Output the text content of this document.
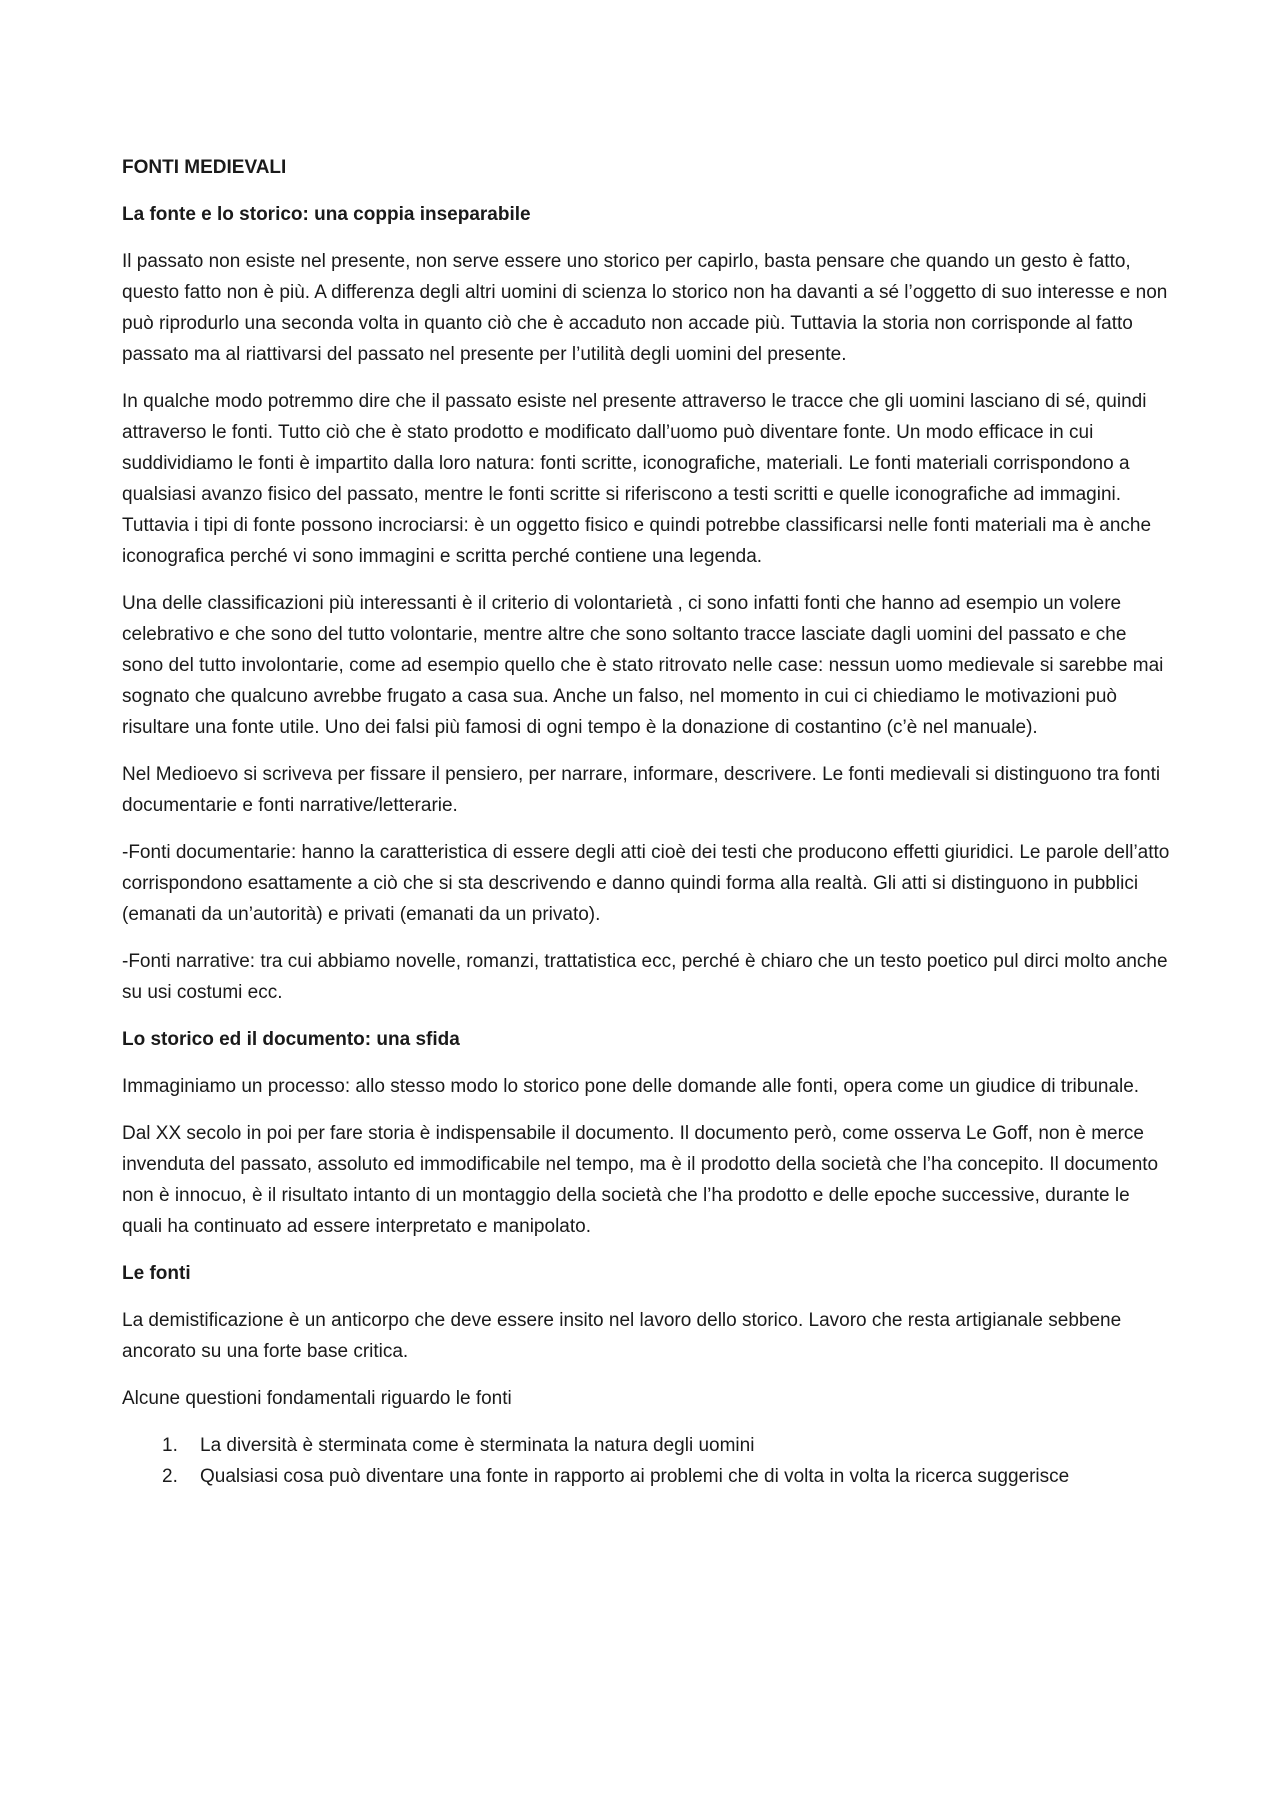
FONTI MEDIEVALI

La fonte e lo storico: una coppia inseparabile

Il passato non esiste nel presente, non serve essere uno storico per capirlo, basta pensare che quando un gesto è fatto, questo fatto non è più. A differenza degli altri uomini di scienza lo storico non ha davanti a sé l’oggetto di suo interesse e non può riprodurlo una seconda volta in quanto ciò che è accaduto non accade più. Tuttavia la storia non corrisponde al fatto passato ma al riattivarsi del passato nel presente per l’utilità degli uomini del presente.

In qualche modo potremmo dire che il passato esiste nel presente attraverso le tracce che gli uomini lasciano di sé, quindi attraverso le fonti. Tutto ciò che è stato prodotto e modificato dall’uomo può diventare fonte. Un modo efficace in cui suddividiamo le fonti è impartito dalla loro natura: fonti scritte, iconografiche, materiali. Le fonti materiali corrispondono a qualsiasi avanzo fisico del passato, mentre le fonti scritte si riferiscono a testi scritti e quelle iconografiche ad immagini. Tuttavia i tipi di fonte possono incrociarsi: è un oggetto fisico e quindi potrebbe classificarsi nelle fonti materiali ma è anche iconografica perché vi sono immagini e scritta perché contiene una legenda.

Una delle classificazioni più interessanti è il criterio di volontarietà , ci sono infatti fonti che hanno ad esempio un volere celebrativo e che sono del tutto volontarie, mentre altre che sono soltanto tracce lasciate dagli uomini del passato e che sono del tutto involontarie, come ad esempio quello che è stato ritrovato nelle case: nessun uomo medievale si sarebbe mai sognato che qualcuno avrebbe frugato a casa sua. Anche un falso, nel momento in cui ci chiediamo le motivazioni può risultare una fonte utile. Uno dei falsi più famosi di ogni tempo è la donazione di costantino (c’è nel manuale).

Nel Medioevo si scriveva per fissare il pensiero, per narrare, informare, descrivere. Le fonti medievali si distinguono tra fonti documentarie e fonti narrative/letterarie.

-Fonti documentarie: hanno la caratteristica di essere degli atti cioè dei testi che producono effetti giuridici. Le parole dell’atto corrispondono esattamente a ciò che si sta descrivendo e danno quindi forma alla realtà. Gli atti si distinguono in pubblici (emanati da un’autorità) e privati (emanati da un privato).

-Fonti narrative: tra cui abbiamo novelle, romanzi, trattatistica ecc, perché è chiaro che un testo poetico pul dirci molto anche su usi costumi ecc.

Lo storico ed il documento: una sfida

Immaginiamo un processo: allo stesso modo lo storico pone delle domande alle fonti, opera come un giudice di tribunale.

Dal XX secolo in poi per fare storia è indispensabile il documento. Il documento però, come osserva Le Goff, non è merce invenduta del passato, assoluto ed immodificabile nel tempo, ma è il prodotto della società che l’ha concepito. Il documento non è innocuo, è il risultato intanto di un montaggio della società che l’ha prodotto e delle epoche successive, durante le quali ha continuato ad essere interpretato e manipolato.

Le fonti

La demistificazione è un anticorpo che deve essere insito nel lavoro dello storico. Lavoro che resta artigianale sebbene ancorato su una forte base critica.

Alcune questioni fondamentali riguardo le fonti

1. La diversità è sterminata come è sterminata la natura degli uomini
2. Qualsiasi cosa può diventare una fonte in rapporto ai problemi che di volta in volta la ricerca suggerisce
